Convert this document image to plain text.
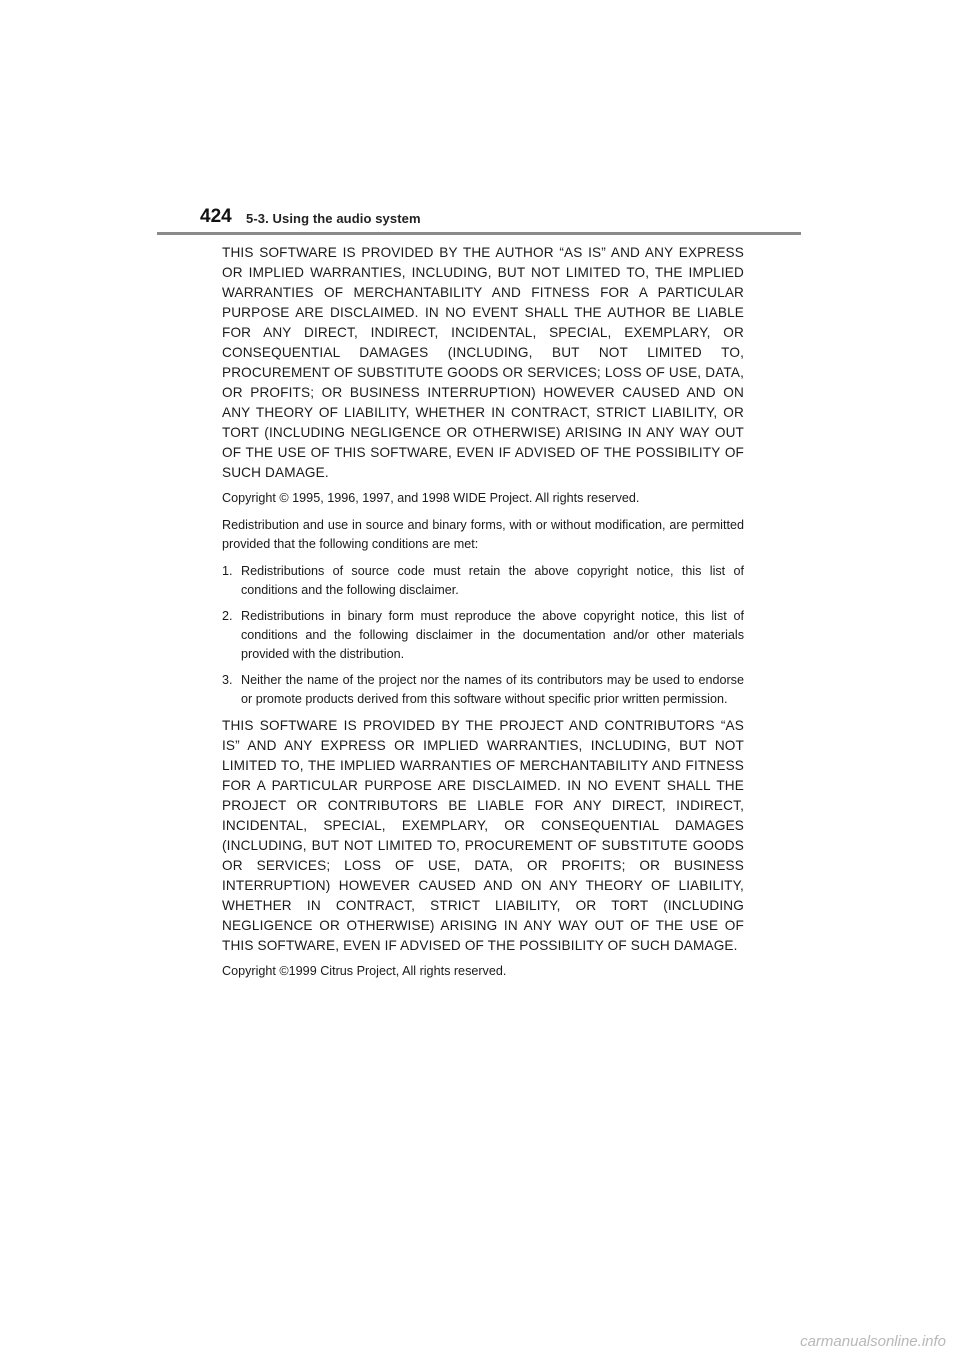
424 5-3. Using the audio system

THIS SOFTWARE IS PROVIDED BY THE AUTHOR “AS IS” AND ANY EXPRESS OR IMPLIED WARRANTIES, INCLUDING, BUT NOT LIMITED TO, THE IMPLIED WARRANTIES OF MERCHANTABILITY AND FITNESS FOR A PARTICULAR PURPOSE ARE DISCLAIMED. IN NO EVENT SHALL THE AUTHOR BE LIABLE FOR ANY DIRECT, INDIRECT, INCIDENTAL, SPECIAL, EXEMPLARY, OR CONSEQUENTIAL DAMAGES (INCLUDING, BUT NOT LIMITED TO, PROCUREMENT OF SUBSTITUTE GOODS OR SERVICES; LOSS OF USE, DATA, OR PROFITS; OR BUSINESS INTERRUPTION) HOWEVER CAUSED AND ON ANY THEORY OF LIABILITY, WHETHER IN CONTRACT, STRICT LIABILITY, OR TORT (INCLUDING NEGLIGENCE OR OTHERWISE) ARISING IN ANY WAY OUT OF THE USE OF THIS SOFTWARE, EVEN IF ADVISED OF THE POSSIBILITY OF SUCH DAMAGE.

Copyright © 1995, 1996, 1997, and 1998 WIDE Project. All rights reserved.

Redistribution and use in source and binary forms, with or without modification, are permitted provided that the following conditions are met:

1. Redistributions of source code must retain the above copyright notice, this list of conditions and the following disclaimer.
2. Redistributions in binary form must reproduce the above copyright notice, this list of conditions and the following disclaimer in the documentation and/or other materials provided with the distribution.
3. Neither the name of the project nor the names of its contributors may be used to endorse or promote products derived from this software without specific prior written permission.

THIS SOFTWARE IS PROVIDED BY THE PROJECT AND CONTRIBUTORS “AS IS” AND ANY EXPRESS OR IMPLIED WARRANTIES, INCLUDING, BUT NOT LIMITED TO, THE IMPLIED WARRANTIES OF MERCHANTABILITY AND FITNESS FOR A PARTICULAR PURPOSE ARE DISCLAIMED. IN NO EVENT SHALL THE PROJECT OR CONTRIBUTORS BE LIABLE FOR ANY DIRECT, INDIRECT, INCIDENTAL, SPECIAL, EXEMPLARY, OR CONSEQUENTIAL DAMAGES (INCLUDING, BUT NOT LIMITED TO, PROCUREMENT OF SUBSTITUTE GOODS OR SERVICES; LOSS OF USE, DATA, OR PROFITS; OR BUSINESS INTERRUPTION) HOWEVER CAUSED AND ON ANY THEORY OF LIABILITY, WHETHER IN CONTRACT, STRICT LIABILITY, OR TORT (INCLUDING NEGLIGENCE OR OTHERWISE) ARISING IN ANY WAY OUT OF THE USE OF THIS SOFTWARE, EVEN IF ADVISED OF THE POSSIBILITY OF SUCH DAMAGE.

Copyright ©1999 Citrus Project, All rights reserved.

carmanualsonline.info
